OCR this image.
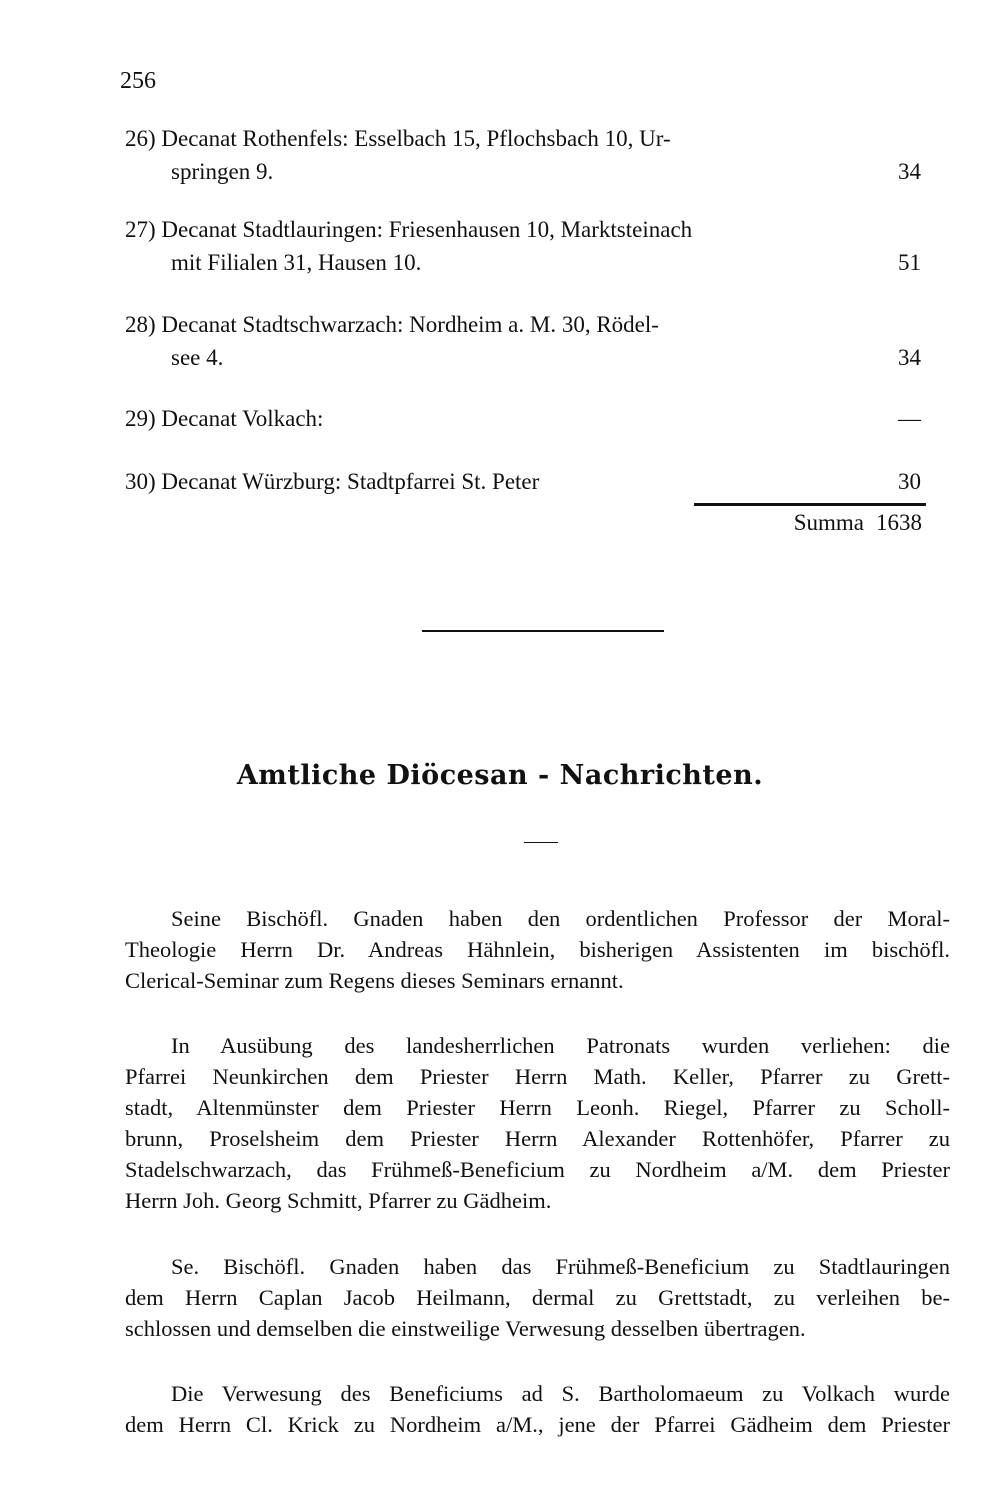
256
26) Decanat Rothenfels: Esselbach 15, Pflochsbach 10, Ur-
springen 9.	34
27) Decanat Stadtlauringen: Friesenhausen 10, Marktsteinach
mit Filialen 31, Hausen 10.	51
28) Decanat Stadtschwarzach: Nordheim a. M. 30, Rödel-
see 4.	34
29) Decanat Volkach:	—
30) Decanat Würzburg: Stadtpfarrei St. Peter	30
Summa 1638
Amtliche Diöcesan - Nachrichten.
Seine Bischöfl. Gnaden haben den ordentlichen Professor der Moral-
Theologie Herrn Dr. Andreas Hähnlein, bisherigen Assistenten im bischöfl.
Clerical-Seminar zum Regens dieses Seminars ernannt.
In Ausübung des landesherrlichen Patronats wurden verliehen: die
Pfarrei Neunkirchen dem Priester Herrn Math. Keller, Pfarrer zu Grett-
stadt, Altenmünster dem Priester Herrn Leonh. Riegel, Pfarrer zu Scholl-
brunn, Proselsheim dem Priester Herrn Alexander Rottenhöfer, Pfarrer zu
Stadelschwarzach, das Frühmeß-Beneficium zu Nordheim a/M. dem Priester
Herrn Joh. Georg Schmitt, Pfarrer zu Gädheim.
Se. Bischöfl. Gnaden haben das Frühmeß-Beneficium zu Stadtlauringen
dem Herrn Caplan Jacob Heilmann, dermal zu Grettstadt, zu verleihen be-
schlossen und demselben die einstweilige Verwesung desselben übertragen.
Die Verwesung des Beneficiums ad S. Bartholomaeum zu Volkach wurde
dem Herrn Cl. Krick zu Nordheim a/M., jene der Pfarrei Gädheim dem Priester
